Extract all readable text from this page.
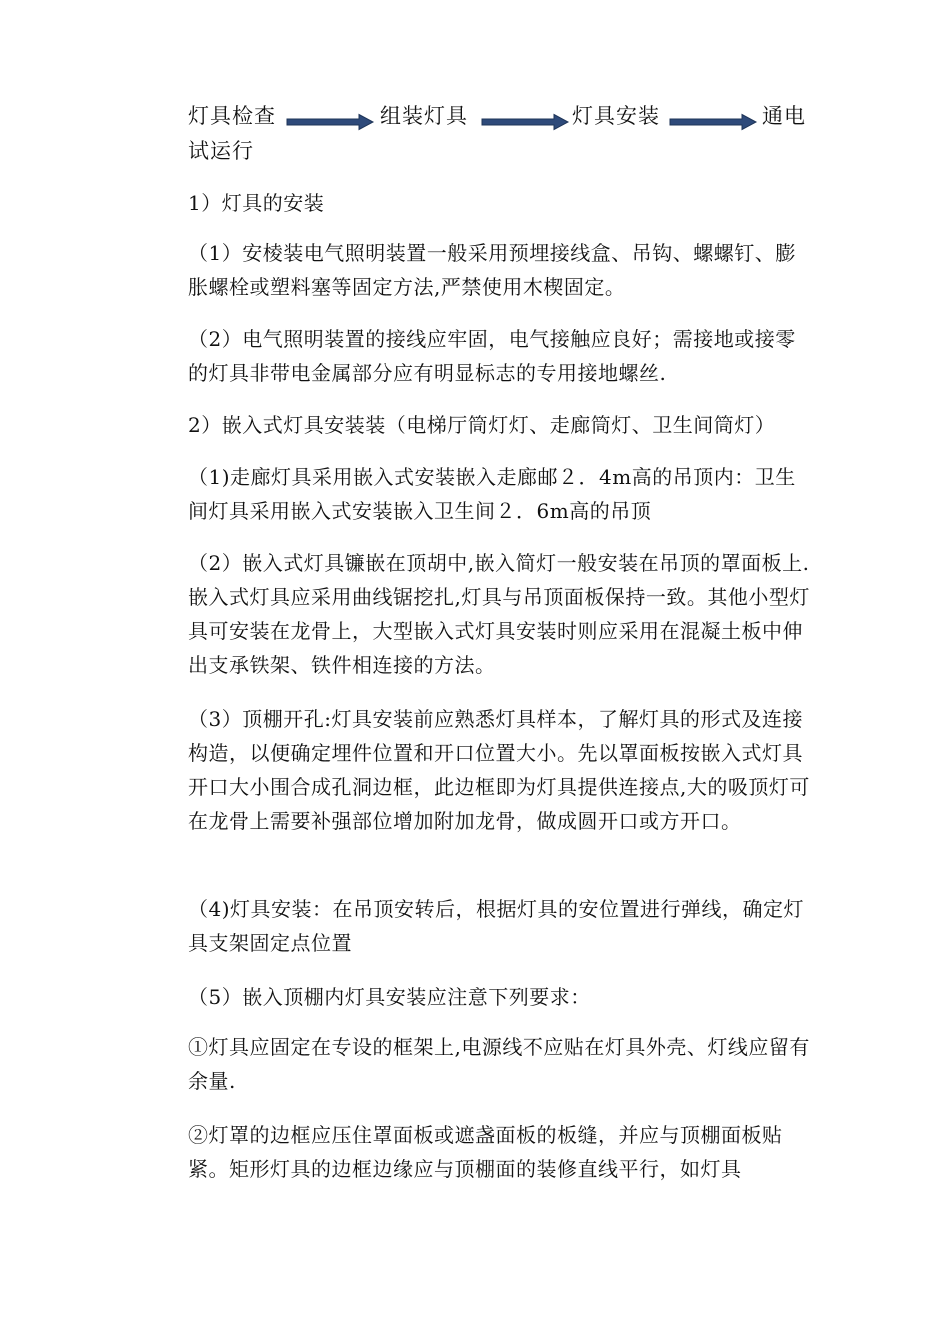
灯具检查	组装灯具	灯具安装	通电
试运行
1）灯具的安装
（1）安棱装电气照明装置一般采用预埋接线盒、吊钩、螺螺钉、膨胀螺栓或塑料塞等固定方法,严禁使用木楔固定。
（2）电气照明装置的接线应牢固，电气接触应良好；需接地或接零的灯具非带电金属部分应有明显标志的专用接地螺丝.
2）嵌入式灯具安装装（电梯厅筒灯灯、走廊筒灯、卫生间筒灯）
（1)走廊灯具采用嵌入式安装嵌入走廊邮２．4m高的吊顶内：卫生间灯具采用嵌入式安装嵌入卫生间２．6m高的吊顶
（2）嵌入式灯具镰嵌在顶胡中,嵌入简灯一般安装在吊顶的罩面板上.嵌入式灯具应采用曲线锯挖扎,灯具与吊顶面板保持一致。其他小型灯具可安装在龙骨上，大型嵌入式灯具安装时则应采用在混凝土板中伸出支承铁架、铁件相连接的方法。
（3）顶棚开孔:灯具安装前应熟悉灯具样本，了解灯具的形式及连接构造，以便确定埋件位置和开口位置大小。先以罩面板按嵌入式灯具开口大小围合成孔洞边框，此边框即为灯具提供连接点,大的吸顶灯可在龙骨上需要补强部位增加附加龙骨，做成圆开口或方开口。
（4)灯具安装：在吊顶安转后，根据灯具的安位置进行弹线，确定灯具支架固定点位置
（5）嵌入顶棚内灯具安装应注意下列要求：
①灯具应固定在专设的框架上,电源线不应贴在灯具外壳、灯线应留有余量.
②灯罩的边框应压住罩面板或遮盏面板的板缝，并应与顶棚面板贴紧。矩形灯具的边框边缘应与顶棚面的装修直线平行，如灯具
